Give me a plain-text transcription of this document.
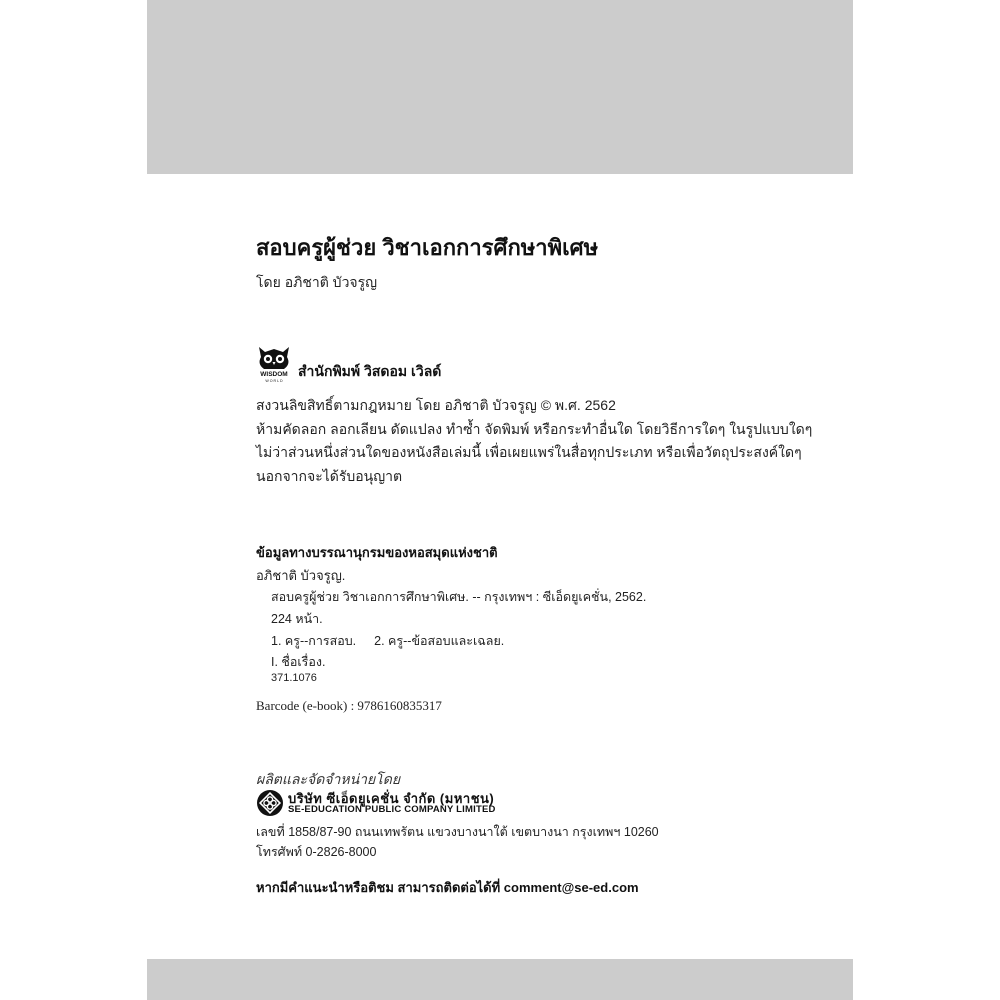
สอบครูผู้ช่วย วิชาเอกการศึกษาพิเศษ
โดย อภิชาติ บัวจรูญ
WISDOM
W O R L D
สำนักพิมพ์ วิสดอม เวิลด์
สงวนลิขสิทธิ์ตามกฎหมาย โดย อภิชาติ บัวจรูญ © พ.ศ. 2562
ห้ามคัดลอก ลอกเลียน ดัดแปลง ทำซ้ำ จัดพิมพ์ หรือกระทำอื่นใด โดยวิธีการใดๆ ในรูปแบบใดๆ
ไม่ว่าส่วนหนึ่งส่วนใดของหนังสือเล่มนี้ เพื่อเผยแพร่ในสื่อทุกประเภท หรือเพื่อวัตถุประสงค์ใดๆ
นอกจากจะได้รับอนุญาต
ข้อมูลทางบรรณานุกรมของหอสมุดแห่งชาติ
อภิชาติ บัวจรูญ.
สอบครูผู้ช่วย วิชาเอกการศึกษาพิเศษ. -- กรุงเทพฯ : ซีเอ็ดยูเคชั่น, 2562.
224 หน้า.
1. ครู--การสอบ. 2. ครู--ข้อสอบและเฉลย.
I. ชื่อเรื่อง.
371.1076
Barcode (e-book) : 9786160835317
ผลิตและจัดจำหน่ายโดย
บริษัท ซีเอ็ดยูเคชั่น จำกัด (มหาชน)
SE-EDUCATION PUBLIC COMPANY LIMITED
เลขที่ 1858/87-90 ถนนเทพรัตน แขวงบางนาใต้ เขตบางนา กรุงเทพฯ 10260
โทรศัพท์ 0-2826-8000
หากมีคำแนะนำหรือติชม สามารถติดต่อได้ที่ comment@se-ed.com
